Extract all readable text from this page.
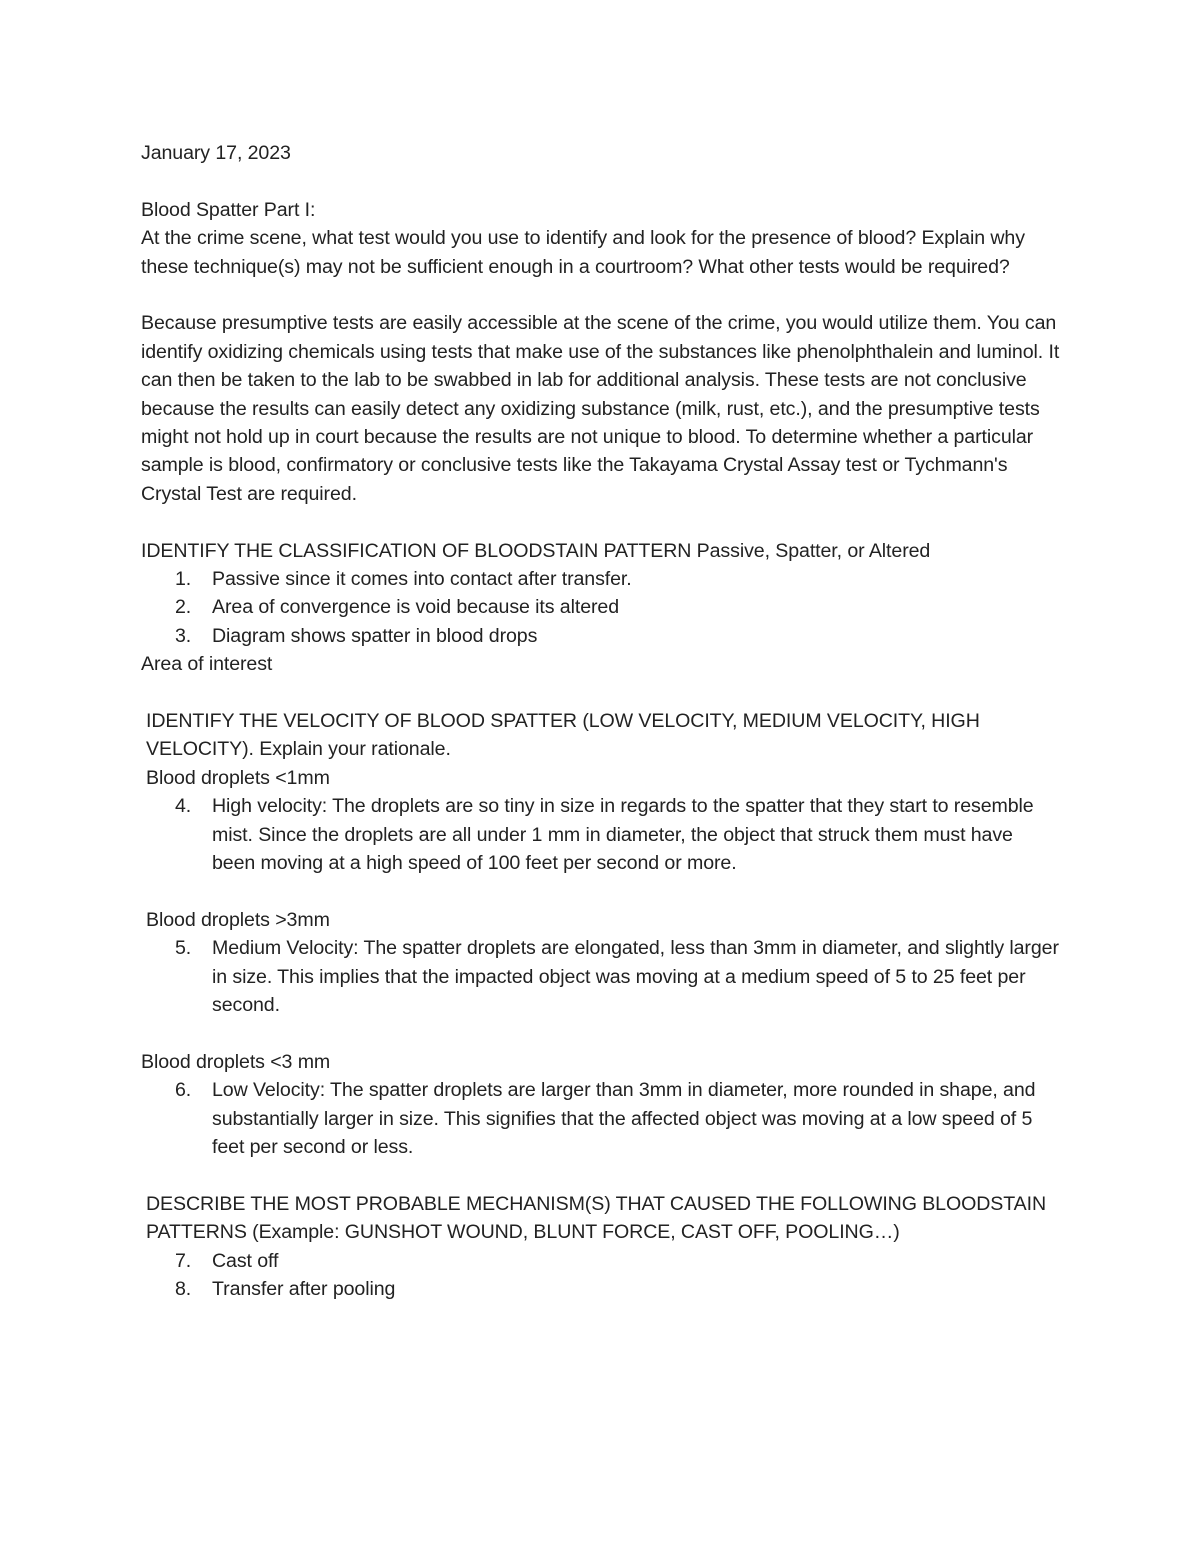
January 17, 2023

Blood Spatter Part I:

At the crime scene, what test would you use to identify and look for the presence of blood? Explain why these technique(s) may not be sufficient enough in a courtroom? What other tests would be required?

Because presumptive tests are easily accessible at the scene of the crime, you would utilize them. You can identify oxidizing chemicals using tests that make use of the substances like phenolphthalein and luminol. It can then be taken to the lab to be swabbed in lab for additional analysis. These tests are not conclusive because the results can easily detect any oxidizing substance (milk, rust, etc.), and the presumptive tests might not hold up in court because the results are not unique to blood. To determine whether a particular sample is blood, confirmatory or conclusive tests like the Takayama Crystal Assay test or Tychmann's Crystal Test are required.

IDENTIFY THE CLASSIFICATION OF BLOODSTAIN PATTERN Passive, Spatter, or Altered

1.	Passive since it comes into contact after transfer.
2.	Area of convergence is void because its altered
3.	Diagram shows spatter in blood drops

Area of interest

IDENTIFY THE VELOCITY OF BLOOD SPATTER (LOW VELOCITY, MEDIUM VELOCITY, HIGH VELOCITY). Explain your rationale.

Blood droplets <1mm

4.	High velocity: The droplets are so tiny in size in regards to the spatter that they start to resemble mist. Since the droplets are all under 1 mm in diameter, the object that struck them must have been moving at a high speed of 100 feet per second or more.

Blood droplets >3mm

5.	Medium Velocity: The spatter droplets are elongated, less than 3mm in diameter, and slightly larger in size. This implies that the impacted object was moving at a medium speed of 5 to 25 feet per second.

Blood droplets <3 mm

6.	Low Velocity: The spatter droplets are larger than 3mm in diameter, more rounded in shape, and substantially larger in size. This signifies that the affected object was moving at a low speed of 5 feet per second or less.

DESCRIBE THE MOST PROBABLE MECHANISM(S) THAT CAUSED THE FOLLOWING BLOODSTAIN PATTERNS (Example: GUNSHOT WOUND, BLUNT FORCE, CAST OFF, POOLING…)

7.	Cast off
8.	Transfer after pooling
